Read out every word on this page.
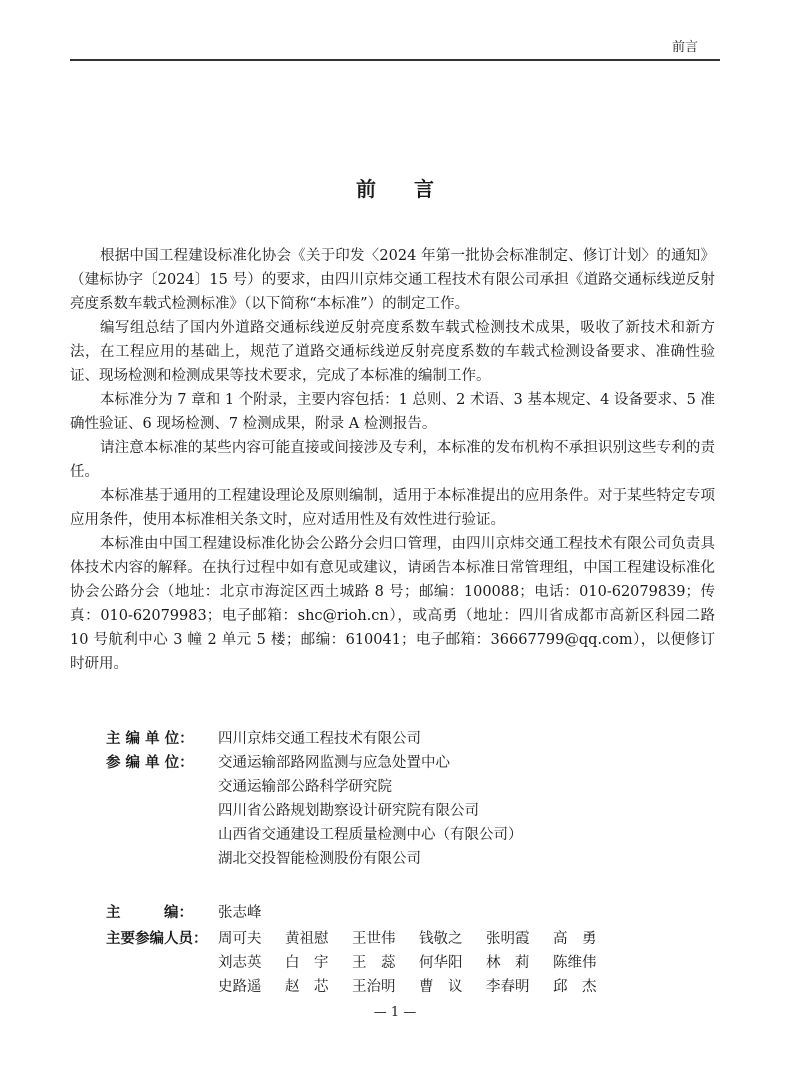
前言
前言

根据中国工程建设标准化协会《关于印发〈2024 年第一批协会标准制定、修订计划〉的通知》（建标协字〔2024〕15 号）的要求，由四川京炜交通工程技术有限公司承担《道路交通标线逆反射亮度系数车载式检测标准》（以下简称“本标准”）的制定工作。

编写组总结了国内外道路交通标线逆反射亮度系数车载式检测技术成果，吸收了新技术和新方法，在工程应用的基础上，规范了道路交通标线逆反射亮度系数的车载式检测设备要求、准确性验证、现场检测和检测成果等技术要求，完成了本标准的编制工作。

本标准分为 7 章和 1 个附录，主要内容包括：1 总则、2 术语、3 基本规定、4 设备要求、5 准确性验证、6 现场检测、7 检测成果，附录 A 检测报告。

请注意本标准的某些内容可能直接或间接涉及专利，本标准的发布机构不承担识别这些专利的责任。

本标准基于通用的工程建设理论及原则编制，适用于本标准提出的应用条件。对于某些特定专项应用条件，使用本标准相关条文时，应对适用性及有效性进行验证。

本标准由中国工程建设标准化协会公路分会归口管理，由四川京炜交通工程技术有限公司负责具体技术内容的解释。在执行过程中如有意见或建议，请函告本标准日常管理组，中国工程建设标准化协会公路分会（地址：北京市海淀区西土城路 8 号；邮编：100088；电话：010-62079839；传真：010-62079983；电子邮箱：shc@rioh.cn），或高勇（地址：四川省成都市高新区科园二路 10 号航利中心 3 幢 2 单元 5 楼；邮编：610041；电子邮箱：36667799@qq.com），以便修订时研用。

主 编 单 位：	四川京炜交通工程技术有限公司
参 编 单 位：	交通运输部路网监测与应急处置中心
交通运输部公路科学研究院
四川省公路规划勘察设计研究院有限公司
山西省交通建设工程质量检测中心（有限公司）
湖北交投智能检测股份有限公司
主　　　编：	张志峰
主要参编人员： 周可夫	黄祖慰	王世伟	钱敬之	张明霞	高　勇
刘志英	白　宇	王　蕊	何华阳	林　莉	陈维伟
史路遥	赵　芯	王治明	曹　议	李春明	邱　杰
— 1 —
